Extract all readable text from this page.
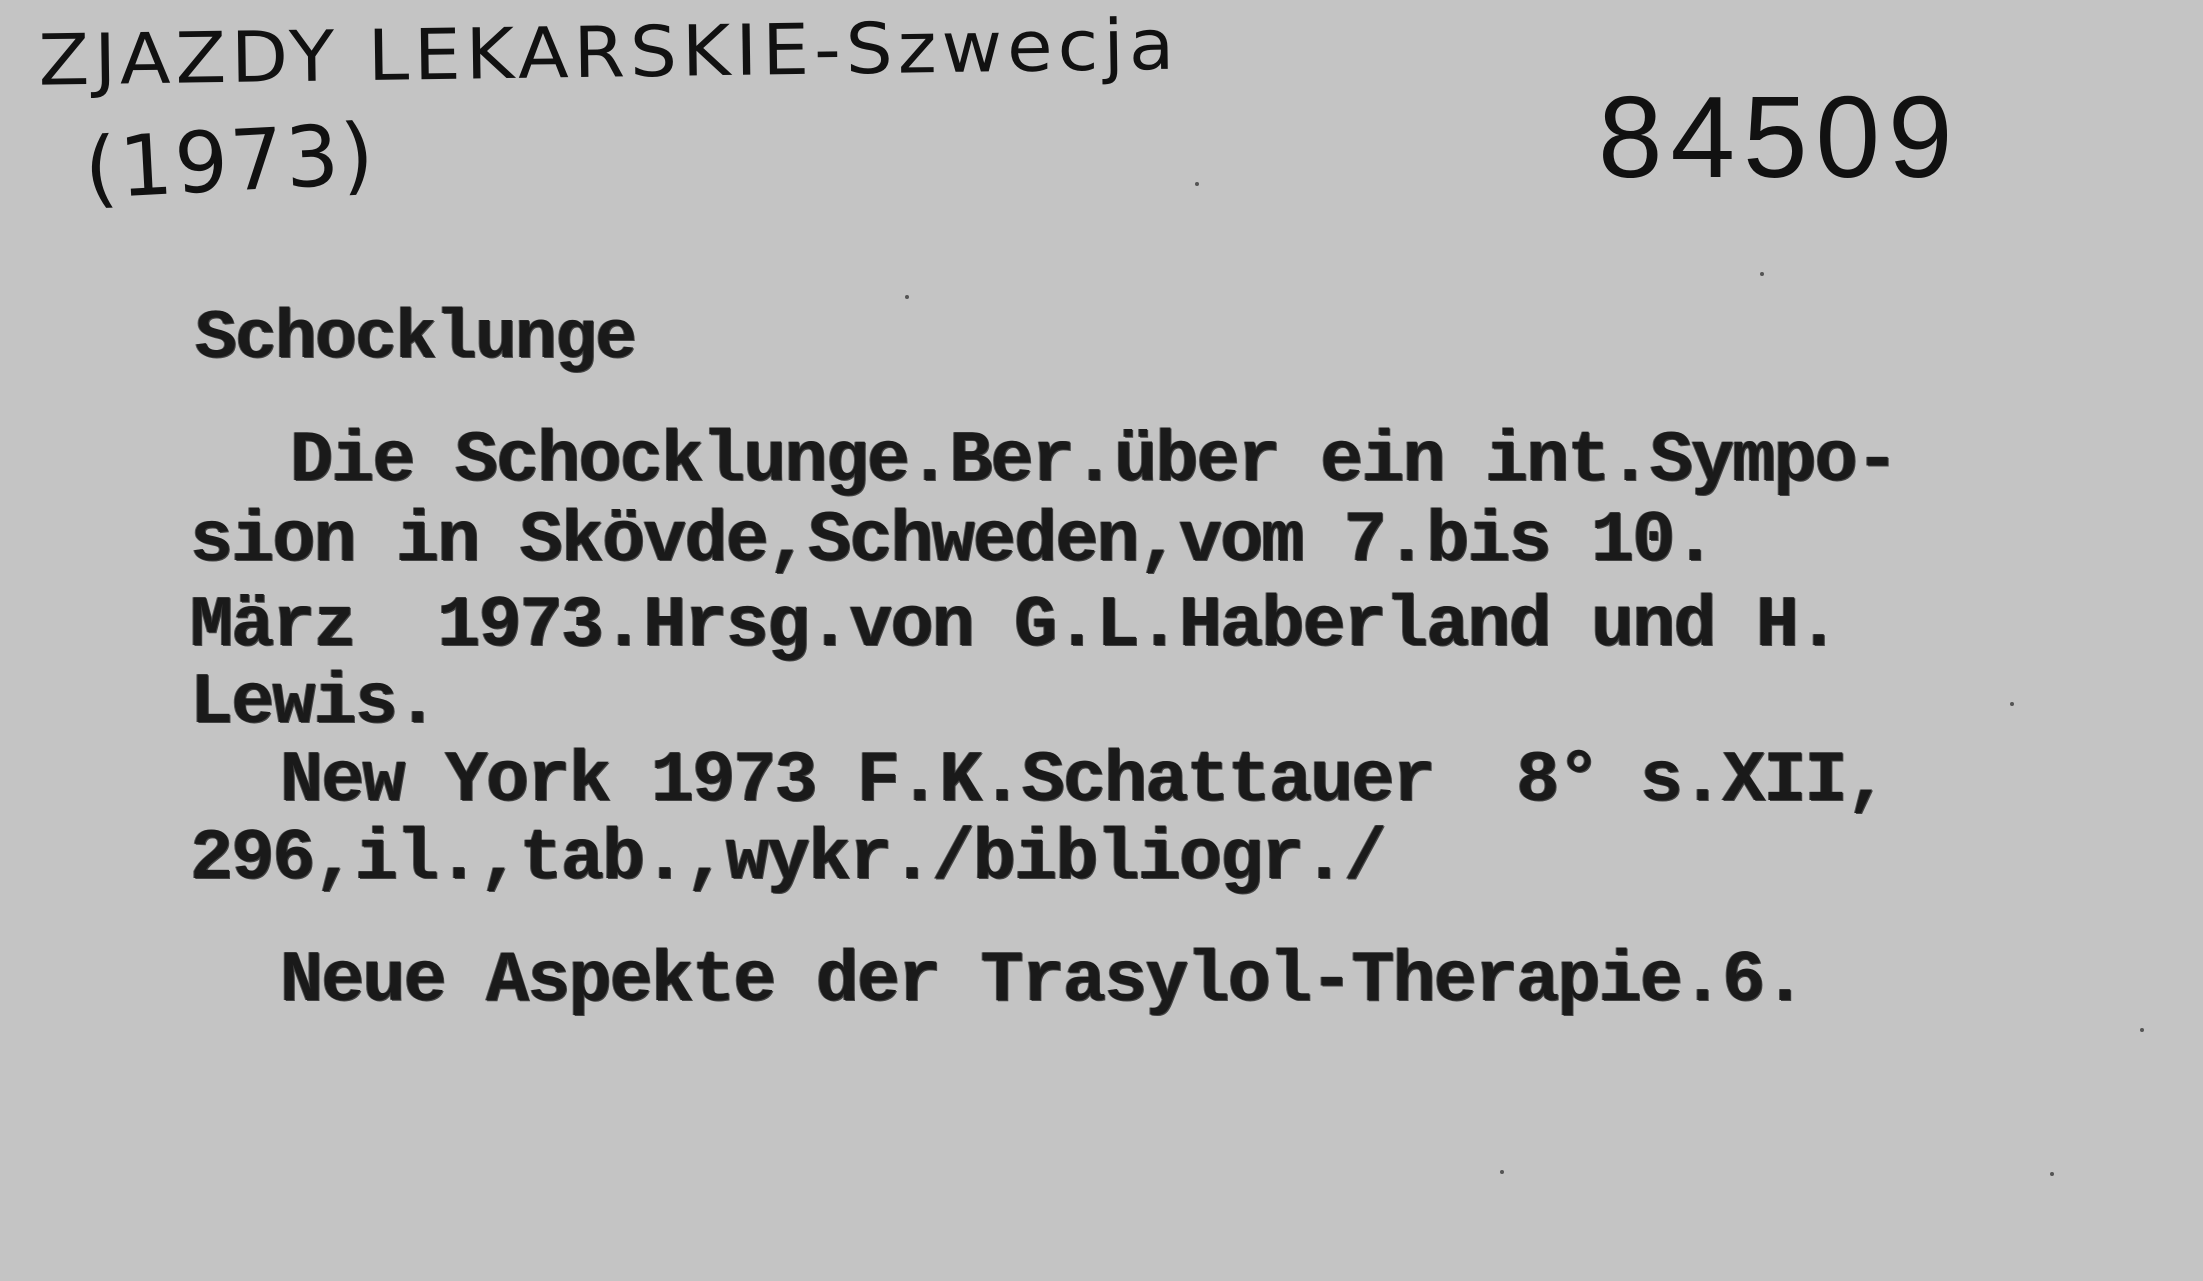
ZJAZDY LEKARSKIE-Szwecja
(1973)	84509
Schocklunge
Die Schocklunge.Ber.über ein int.Sympo-
sion in Skövde,Schweden,vom 7.bis 10.
März  1973.Hrsg.von G.L.Haberland und H.
Lewis.
New York 1973 F.K.Schattauer  8° s.XII,
296,il.,tab.,wykr./bibliogr./
Neue Aspekte der Trasylol-Therapie.6.
